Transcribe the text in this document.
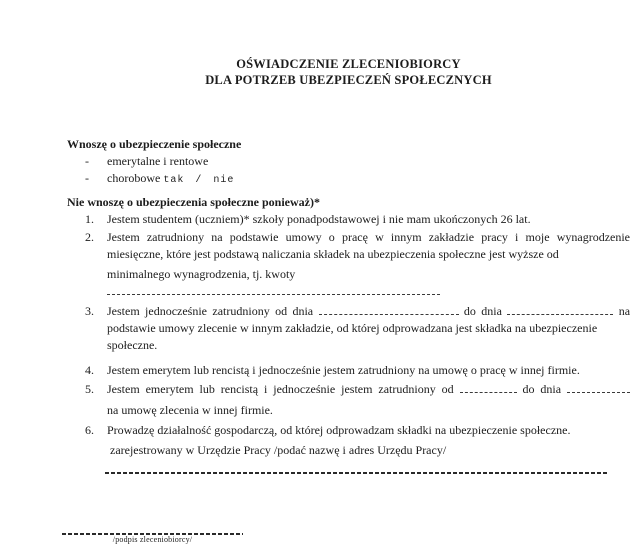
OŚWIADCZENIE ZLECENIOBIORCY
DLA POTRZEB UBEZPIECZEŃ SPOŁECZNYCH
Wnoszę o ubezpieczenie społeczne
- emerytalne i rentowe
- chorobowe tak / nie
Nie wnoszę o ubezpieczenia społeczne ponieważ)*
1. Jestem studentem (uczniem)* szkoły ponadpodstawowej i nie mam ukończonych 26 lat.
2. Jestem zatrudniony na podstawie umowy o pracę w innym zakładzie pracy i moje wynagrodzenie
miesięczne, które jest podstawą naliczania składek na ubezpieczenia społeczne jest wyższe od
minimalnego wynagrodzenia, tj. kwoty
3. Jestem jednocześnie zatrudniony od dnia	do dnia	na
podstawie umowy zlecenie w innym zakładzie, od której odprowadzana jest składka na ubezpieczenie
społeczne.
4. Jestem emerytem lub rencistą i jednocześnie jestem zatrudniony na umowę o pracę w innej firmie.
5. Jestem emerytem lub rencistą i jednocześnie jestem zatrudniony od	do dnia
na umowę zlecenia w innej firmie.
6. Prowadzę działalność gospodarczą, od której odprowadzam składki na ubezpieczenie społeczne.
zarejestrowany w Urzędzie Pracy /podać nazwę i adres Urzędu Pracy/
/podpis zleceniobiorcy/
